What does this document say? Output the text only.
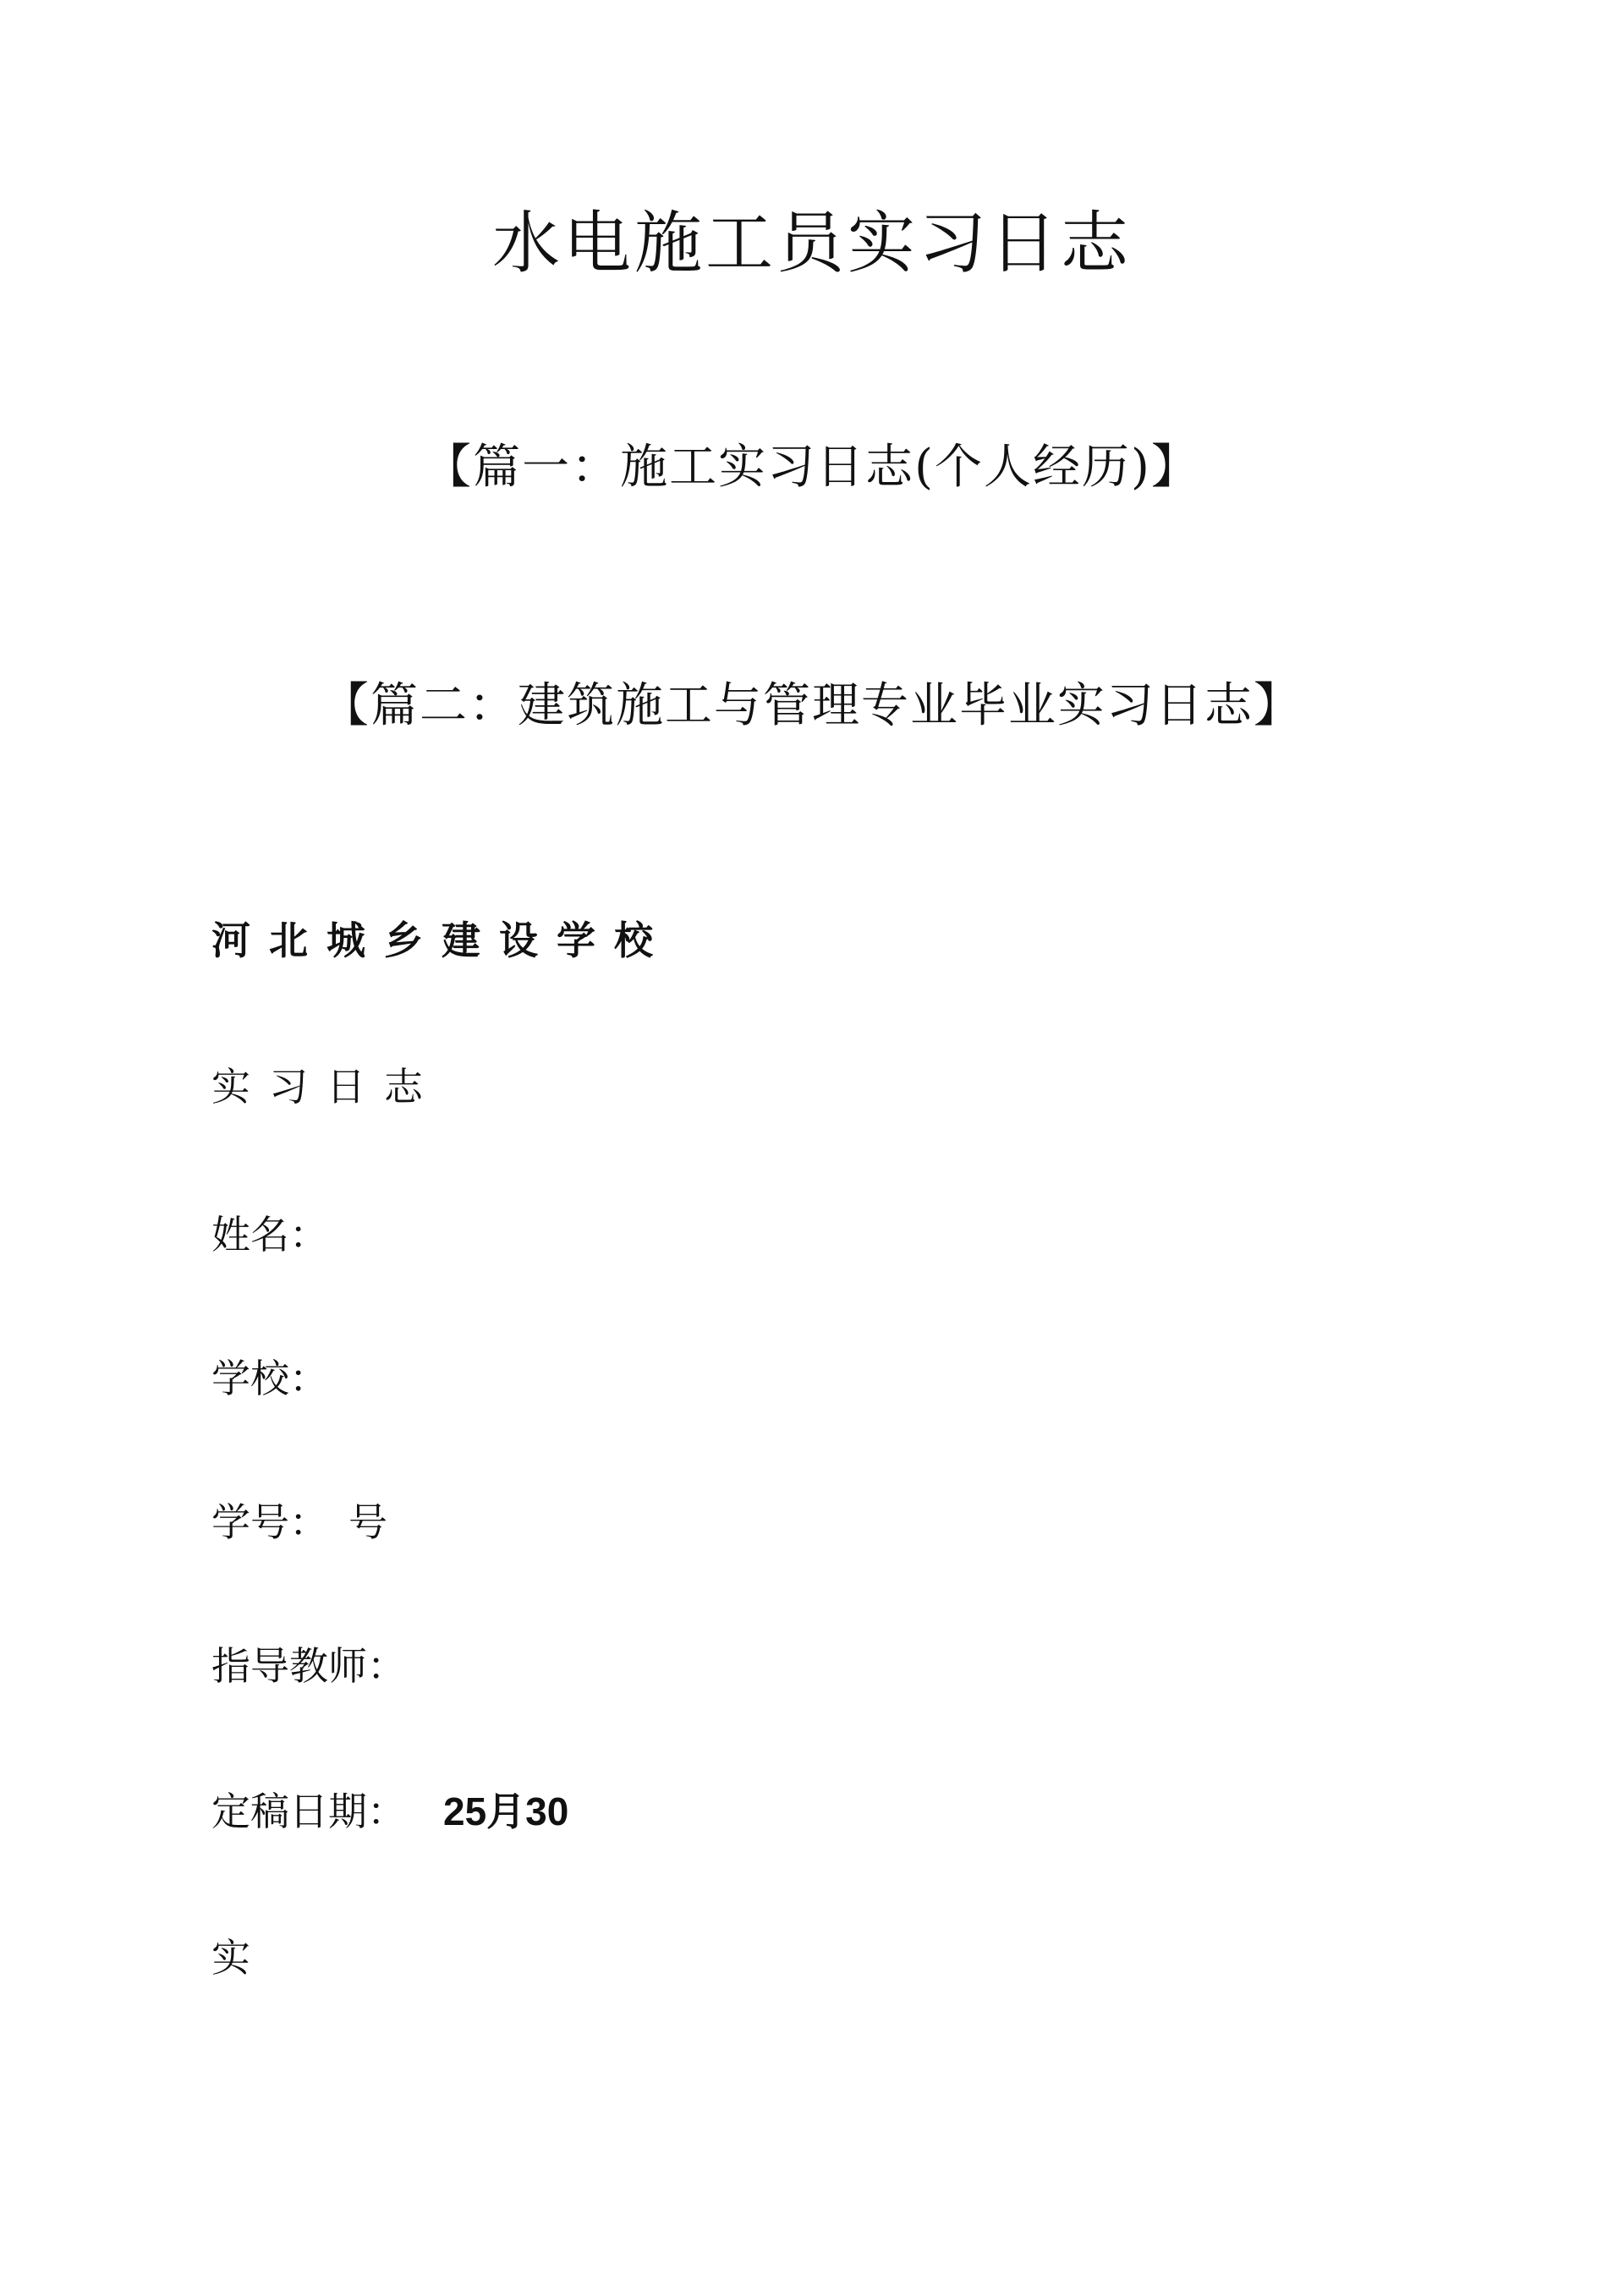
水电施工员实习日志
【篇一：施工实习日志(个人经历)】
【篇二：建筑施工与管理专业毕业实习日志】
河北城乡建设学校
实习日志
姓名：
学校：
学号： 号
指导教师：
定稿日期： 25月30
实
